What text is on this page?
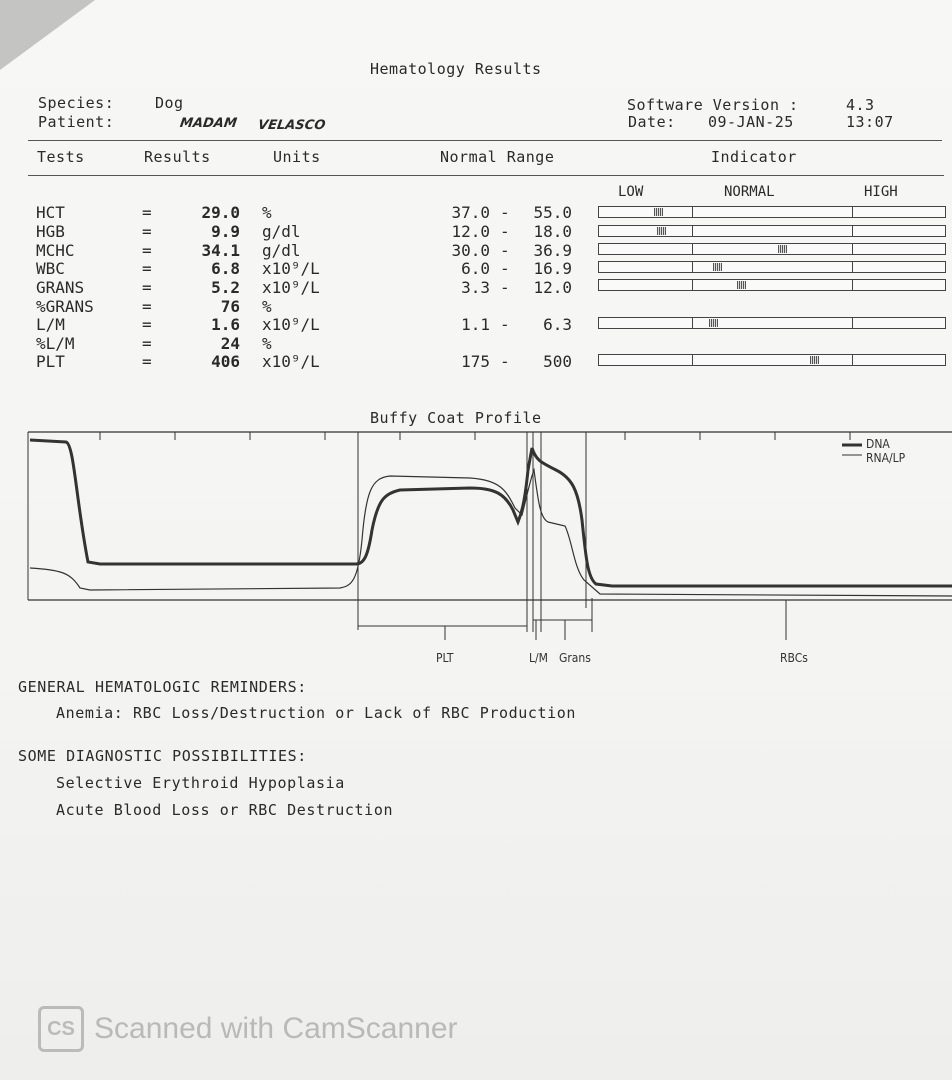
Hematology Results
Species:	Dog
Patient:	MADAM VELASCO
Software Version :	4.3
Date: 09-JAN-25	13:07
Tests	Results	Units	Normal Range	Indicator
LOW	NORMAL	HIGH
HCT	=	29.0 %	37.0 -	55.0
HGB	=	9.9 g/dl	12.0 -	18.0
MCHC	=	34.1 g/dl	30.0 -	36.9
WBC	=	6.8 x10⁹/L	6.0 -	16.9
GRANS	=	5.2 x10⁹/L	3.3 -	12.0
%GRANS	=	76 %
L/M	=	1.6 x10⁹/L	1.1 -	6.3
%L/M	=	24 %
PLT	=	406 x10⁹/L	175 -	500
Buffy Coat Profile
DNA
RNA/LP
PLT	L/M Grans	RBCs
GENERAL HEMATOLOGIC REMINDERS:
Anemia: RBC Loss/Destruction or Lack of RBC Production
SOME DIAGNOSTIC POSSIBILITIES:
Selective Erythroid Hypoplasia
Acute Blood Loss or RBC Destruction
CS Scanned with CamScanner
